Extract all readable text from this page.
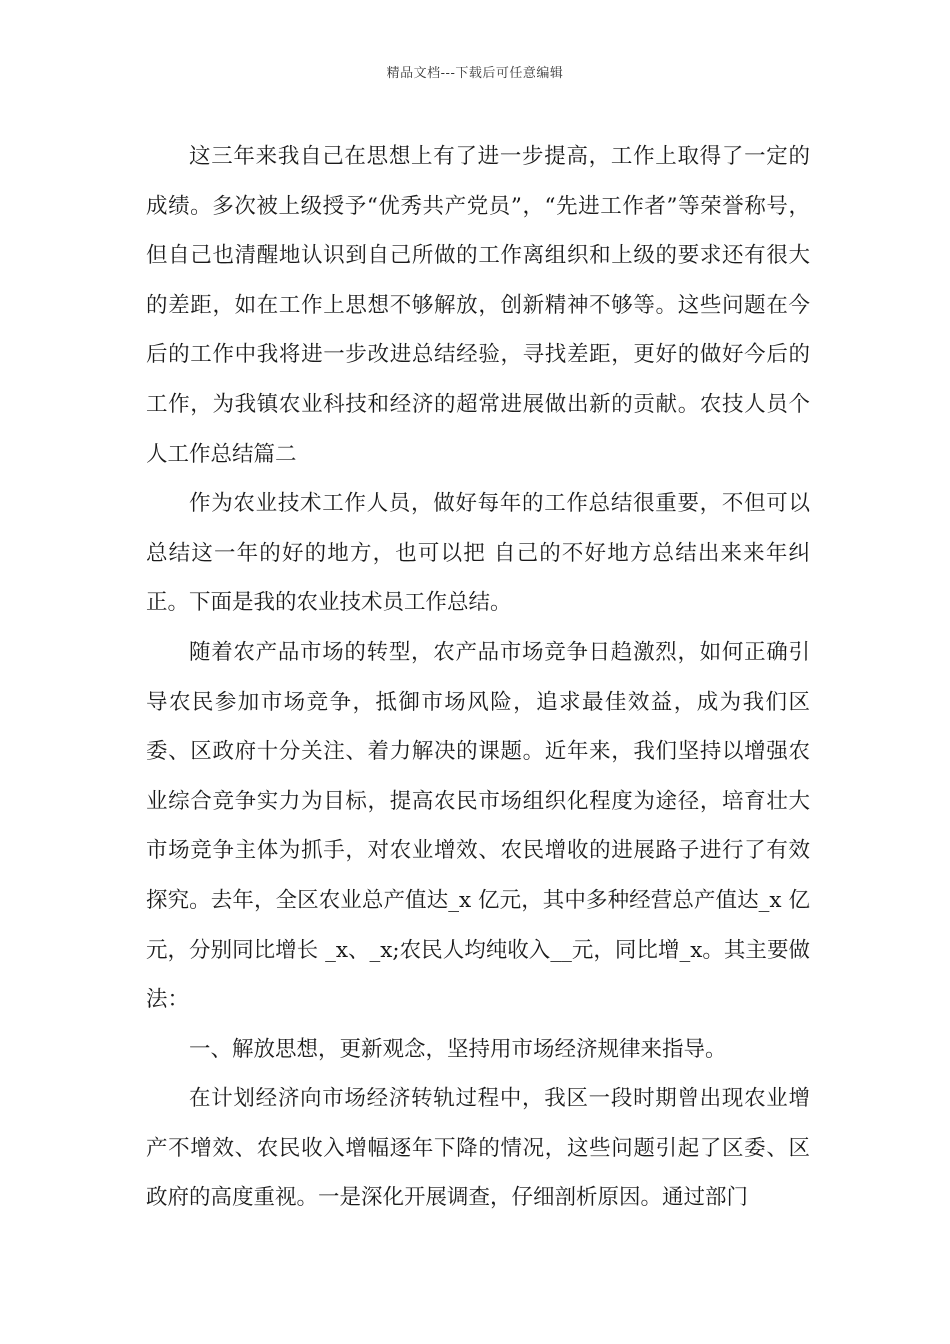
精品文档---下载后可任意编辑

这三年来我自己在思想上有了进一步提高，工作上取得了一定的成绩。多次被上级授予“优秀共产党员”，“先进工作者”等荣誉称号，但自己也清醒地认识到自己所做的工作离组织和上级的要求还有很大的差距，如在工作上思想不够解放，创新精神不够等。这些问题在今后的工作中我将进一步改进总结经验，寻找差距，更好的做好今后的工作，为我镇农业科技和经济的超常进展做出新的贡献。农技人员个人工作总结篇二

作为农业技术工作人员，做好每年的工作总结很重要，不但可以总结这一年的好的地方，也可以把 自己的不好地方总结出来来年纠正。下面是我的农业技术员工作总结。

随着农产品市场的转型，农产品市场竞争日趋激烈，如何正确引导农民参加市场竞争，抵御市场风险，追求最佳效益，成为我们区委、区政府十分关注、着力解决的课题。近年来，我们坚持以增强农业综合竞争实力为目标，提高农民市场组织化程度为途径，培育壮大市场竞争主体为抓手，对农业增效、农民增收的进展路子进行了有效探究。去年，全区农业总产值达_x 亿元，其中多种经营总产值达_x 亿元，分别同比增长 _x、_x;农民人均纯收入__元，同比增_x。其主要做法：

一、解放思想，更新观念，坚持用市场经济规律来指导。

在计划经济向市场经济转轨过程中，我区一段时期曾出现农业增产不增效、农民收入增幅逐年下降的情况，这些问题引起了区委、区政府的高度重视。一是深化开展调查，仔细剖析原因。通过部门
